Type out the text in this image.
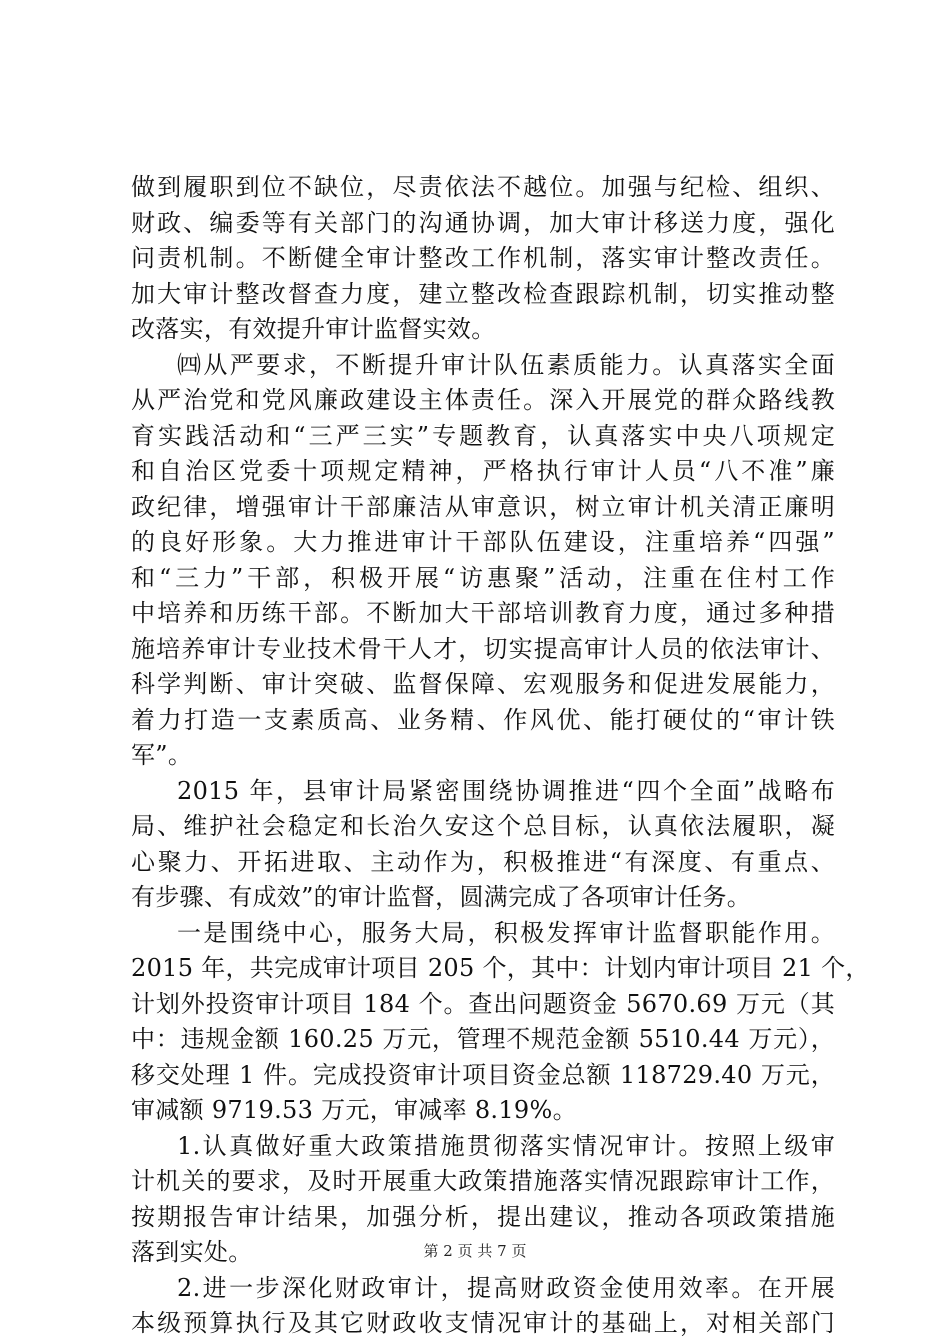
做到履职到位不缺位，尽责依法不越位。加强与纪检、组织、
财政、编委等有关部门的沟通协调，加大审计移送力度，强化
问责机制。不断健全审计整改工作机制，落实审计整改责任。
加大审计整改督查力度，建立整改检查跟踪机制，切实推动整
改落实，有效提升审计监督实效。
㈣从严要求，不断提升审计队伍素质能力。认真落实全面
从严治党和党风廉政建设主体责任。深入开展党的群众路线教
育实践活动和“三严三实”专题教育，认真落实中央八项规定
和自治区党委十项规定精神，严格执行审计人员“八不准”廉
政纪律，增强审计干部廉洁从审意识，树立审计机关清正廉明
的良好形象。大力推进审计干部队伍建设，注重培养“四强”
和“三力”干部，积极开展“访惠聚”活动，注重在住村工作
中培养和历练干部。不断加大干部培训教育力度，通过多种措
施培养审计专业技术骨干人才，切实提高审计人员的依法审计、
科学判断、审计突破、监督保障、宏观服务和促进发展能力，
着力打造一支素质高、业务精、作风优、能打硬仗的“审计铁
军”。
2015 年，县审计局紧密围绕协调推进“四个全面”战略布
局、维护社会稳定和长治久安这个总目标，认真依法履职，凝
心聚力、开拓进取、主动作为，积极推进“有深度、有重点、
有步骤、有成效”的审计监督，圆满完成了各项审计任务。
一是围绕中心，服务大局，积极发挥审计监督职能作用。
2015 年，共完成审计项目 205 个，其中：计划内审计项目 21 个，
计划外投资审计项目 184 个。查出问题资金 5670.69 万元（其
中：违规金额 160.25 万元，管理不规范金额 5510.44 万元），
移交处理 1 件。完成投资审计项目资金总额 118729.40 万元，
审减额 9719.53 万元，审减率 8.19%。
1.认真做好重大政策措施贯彻落实情况审计。按照上级审
计机关的要求，及时开展重大政策措施落实情况跟踪审计工作，
按期报告审计结果，加强分析，提出建议，推动各项政策措施
落到实处。
2.进一步深化财政审计，提高财政资金使用效率。在开展
本级预算执行及其它财政收支情况审计的基础上，对相关部门
第 2 页 共 7 页
